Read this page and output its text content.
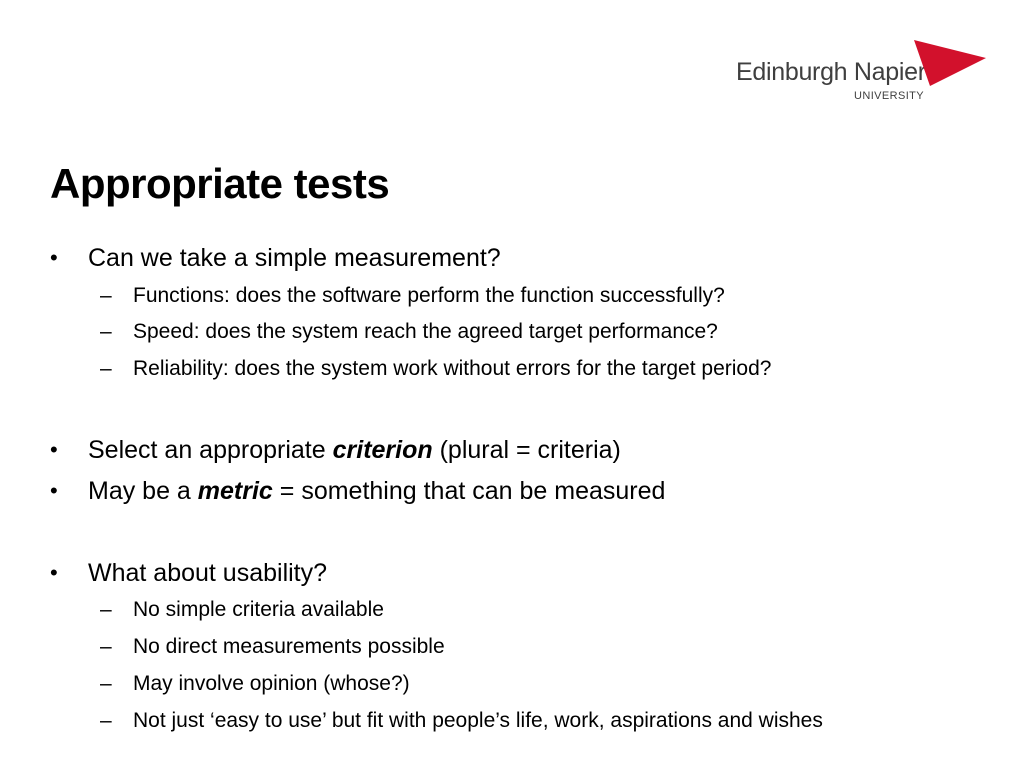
Edinburgh Napier
UNIVERSITY
Appropriate tests
• Can we take a simple measurement?
– Functions: does the software perform the function successfully?
– Speed: does the system reach the agreed target performance?
– Reliability: does the system work without errors for the target period?
• Select an appropriate criterion (plural = criteria)
• May be a metric = something that can be measured
• What about usability?
– No simple criteria available
– No direct measurements possible
– May involve opinion (whose?)
– Not just ‘easy to use’ but fit with people’s life, work, aspirations and wishes
